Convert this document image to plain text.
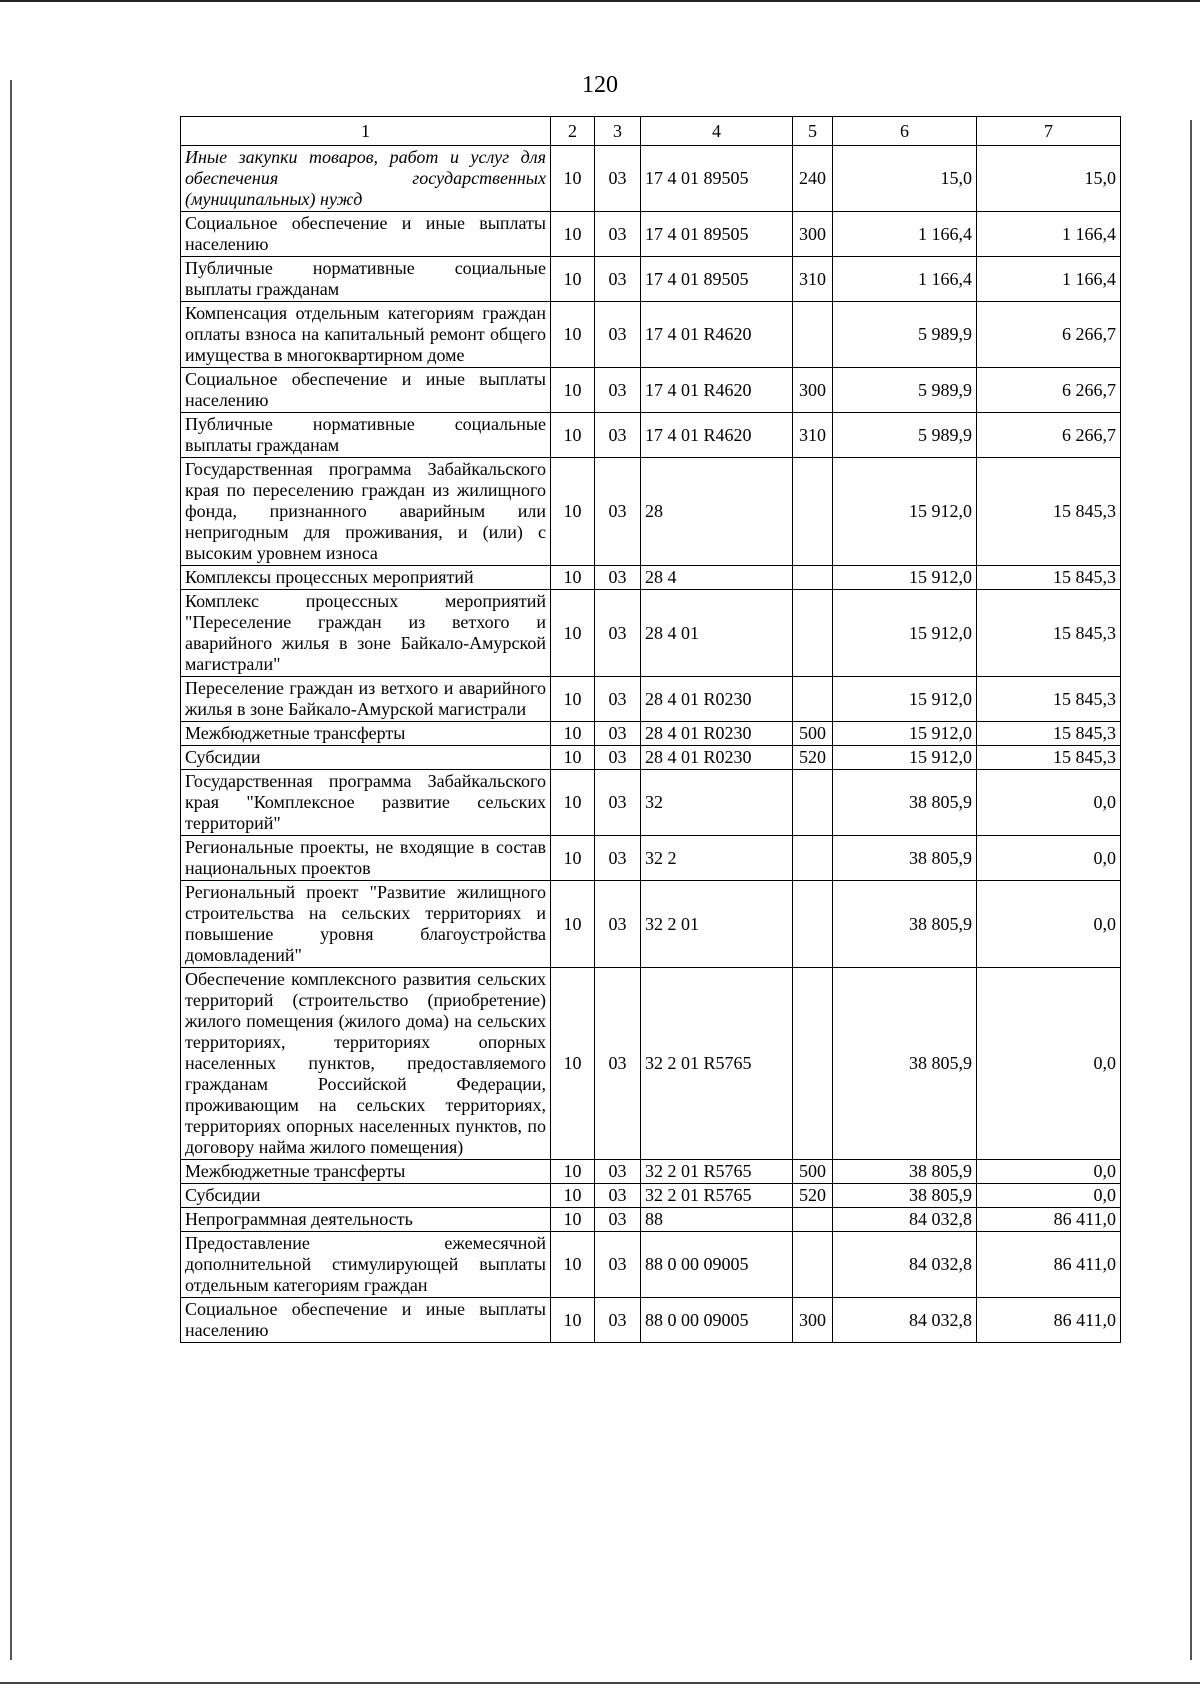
120
1	2	3	4	5	6	7
Иные закупки товаров, работ и услуг для обеспечения государственных (муниципальных) нужд	10	03	17 4 01 89505	240	15,0	15,0
Социальное обеспечение и иные выплаты населению	10	03	17 4 01 89505	300	1 166,4	1 166,4
Публичные нормативные социальные выплаты гражданам	10	03	17 4 01 89505	310	1 166,4	1 166,4
Компенсация отдельным категориям граждан оплаты взноса на капитальный ремонт общего имущества в многоквартирном доме	10	03	17 4 01 R4620		5 989,9	6 266,7
Социальное обеспечение и иные выплаты населению	10	03	17 4 01 R4620	300	5 989,9	6 266,7
Публичные нормативные социальные выплаты гражданам	10	03	17 4 01 R4620	310	5 989,9	6 266,7
Государственная программа Забайкальского края по переселению граждан из жилищного фонда, признанного аварийным или непригодным для проживания, и (или) с высоким уровнем износа	10	03	28		15 912,0	15 845,3
Комплексы процессных мероприятий	10	03	28 4		15 912,0	15 845,3
Комплекс процессных мероприятий "Переселение граждан из ветхого и аварийного жилья в зоне Байкало-Амурской магистрали"	10	03	28 4 01		15 912,0	15 845,3
Переселение граждан из ветхого и аварийного жилья в зоне Байкало-Амурской магистрали	10	03	28 4 01 R0230		15 912,0	15 845,3
Межбюджетные трансферты	10	03	28 4 01 R0230	500	15 912,0	15 845,3
Субсидии	10	03	28 4 01 R0230	520	15 912,0	15 845,3
Государственная программа Забайкальского края "Комплексное развитие сельских территорий"	10	03	32		38 805,9	0,0
Региональные проекты, не входящие в состав национальных проектов	10	03	32 2		38 805,9	0,0
Региональный проект "Развитие жилищного строительства на сельских территориях и повышение уровня благоустройства домовладений"	10	03	32 2 01		38 805,9	0,0
Обеспечение комплексного развития сельских территорий (строительство (приобретение) жилого помещения (жилого дома) на сельских территориях, территориях опорных населенных пунктов, предоставляемого гражданам Российской Федерации, проживающим на сельских территориях, территориях опорных населенных пунктов, по договору найма жилого помещения)	10	03	32 2 01 R5765		38 805,9	0,0
Межбюджетные трансферты	10	03	32 2 01 R5765	500	38 805,9	0,0
Субсидии	10	03	32 2 01 R5765	520	38 805,9	0,0
Непрограммная деятельность	10	03	88		84 032,8	86 411,0
Предоставление ежемесячной дополнительной стимулирующей выплаты отдельным категориям граждан	10	03	88 0 00 09005		84 032,8	86 411,0
Социальное обеспечение и иные выплаты населению	10	03	88 0 00 09005	300	84 032,8	86 411,0
